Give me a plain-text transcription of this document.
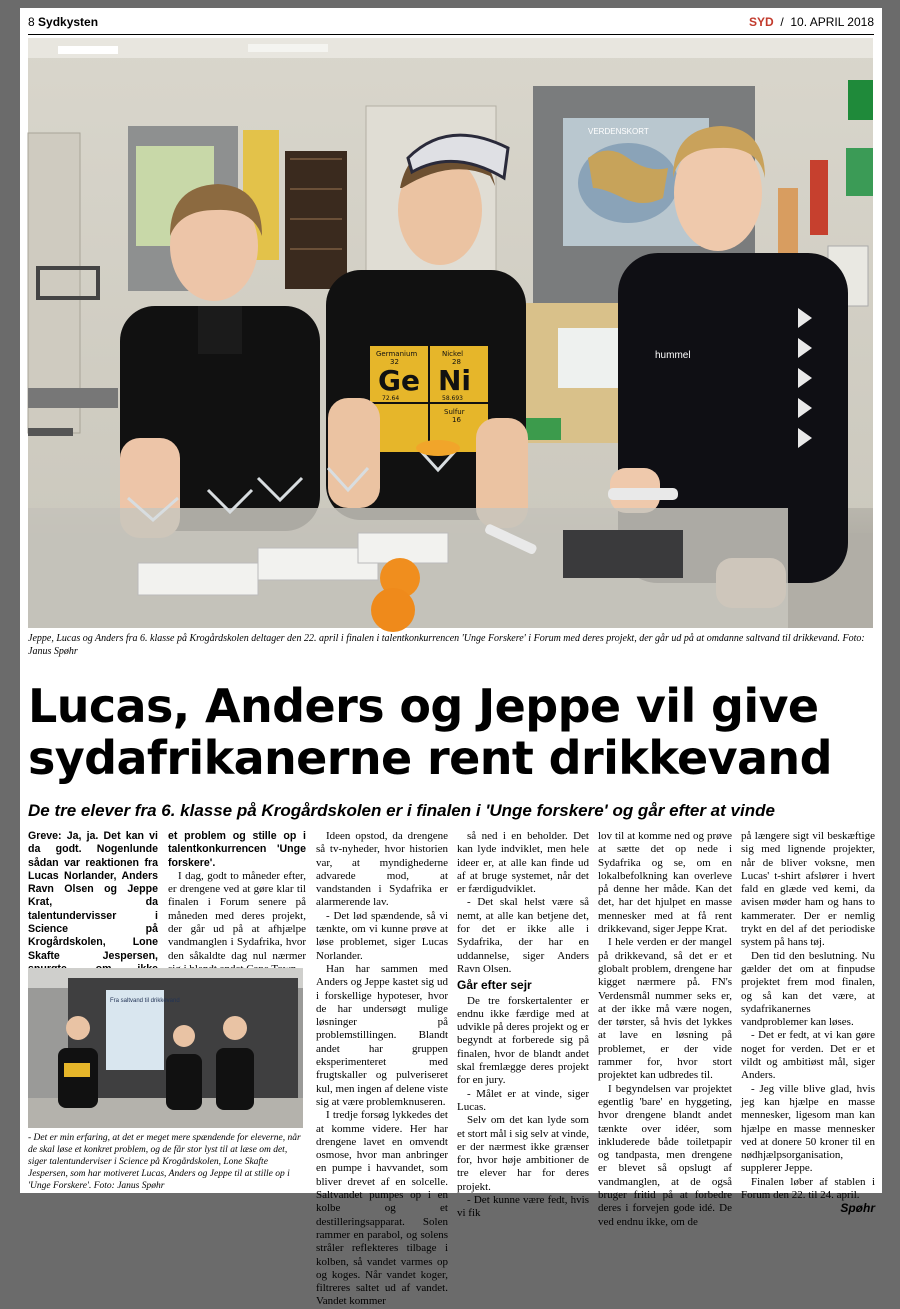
8 Sydkysten	SYD / 10. APRIL 2018
VERDENSKORT
Germanium	Nickel
Ge Ni
32	28
72.64	58.693
Sulfur
16
hummel
Jeppe, Lucas og Anders fra 6. klasse på Krogårdskolen deltager den 22. april i finalen i talentkonkurrencen 'Unge Forskere' i Forum med deres projekt, der går ud på at omdanne saltvand til drikkevand. Foto: Janus Spøhr
Lucas, Anders og Jeppe vil give sydafrikanerne rent drikkevand
De tre elever fra 6. klasse på Krogårdskolen er i finalen i 'Unge forskere' og går efter at vinde

Greve: Ja, ja. Det kan vi da godt. Nogenlunde sådan var reaktionen fra Lucas Norlander, Anders Ravn Olsen og Jeppe Krat, da talentundervisser i Science på Krogårdskolen, Lone Skafte Jespersen,

et problem og stille op i talentkonkurrencen 'Unge forskere'.

I dag, godt to måneder efter, er drengene ved at gøre klar til finalen i Forum senere på måneden med deres projekt, der går ud på at afhjælpe vandmanglen i Sydafrika, hvor den såkaldte dag nul nærmer

Fra saltvand til drikkevand
- Det er min erfaring, at det er meget mere spændende for eleverne, når de skal løse et konkret problem, og de får stor lyst til at læse om det, siger talentunderviser i Science på Krogårdskolen, Lone Skafte Jespersen, som har motiveret Lucas, Anders og Jeppe til at stille op i 'Unge Forskere'. Foto: Janus Spøhr

Ideen opstod, da drengene så tv-nyheder, hvor historien var, at myndighederne advarede mod, at vandstanden i Sydafrika er alarmerende lav.

- Det lød spændende, så vi tænkte, om vi kunne prøve at løse problemet, siger Lucas Norlander.

Han har sammen med Anders og Jeppe kastet sig ud i forskellige hypoteser, hvor de har undersøgt mulige løsninger på problemstillingen. Blandt andet har gruppen eksperimenteret med frugtskaller og pulveriseret kul, men ingen af delene viste sig at være problemknuseren.

I tredje forsøg lykkedes det at komme videre. Her har drengene lavet en omvendt osmose, hvor man anbringer en pumpe i havvandet, som bliver drevet af en solcelle. Saltvandet pumpes op i en kolbe og et destilleringsapparat. Solen rammer en parabol, og solens stråler reflekteres tilbage i kolben, så vandet varmes op og koges. Når vandet koger, filtreres saltet ud af vandet. Vandet kommer

så ned i en beholder. Det kan lyde indviklet, men hele ideer er, at alle kan finde ud af at bruge systemet, når det er færdigudviklet.

- Det skal helst være så nemt, at alle kan betjene det, for det er ikke alle i Sydafrika, der har en uddannelse, siger Anders Ravn Olsen.

Går efter sejr

De tre forskertalenter er endnu ikke færdige med at udvikle på deres projekt og er begyndt at forberede sig på finalen, hvor de blandt andet skal fremlægge deres projekt for en jury.

- Målet er at vinde, siger Lucas.

Selv om det kan lyde som et stort mål i sig selv at vinde, er der nærmest ikke grænser for, hvor høje ambitioner de tre elever har for deres projekt.

- Det kunne være fedt, hvis vi fik

lov til at komme ned og prøve at sætte det op nede i Sydafrika og se, om en lokalbefolkning kan overleve på denne her måde. Kan det det, har det hjulpet en masse mennesker med at få rent drikkevand, siger Jeppe Krat.

I hele verden er der mangel på drikkevand, så det er et globalt problem, drengene har kigget nærmere på. FN's Verdensmål nummer seks er, at der ikke må være nogen, der tørster, så hvis det lykkes at lave en løsning på problemet, er der vide rammer for, hvor stort projektet kan udbredes til.

I begyndelsen var projektet egentlig 'bare' en hyggeting, hvor drengene blandt andet tænkte over idéer, som inkluderede både toiletpapir og tandpasta, men drengene er blevet så opslugt af vandmanglen, at de også bruger fritid på at forbedre deres i forvejen gode idé. De ved endnu ikke, om de

på længere sigt vil beskæftige sig med lignende projekter, når de bliver voksne, men Lucas' t-shirt afslører i hvert fald en glæde ved kemi, da avisen møder ham og hans to kammerater. Der er nemlig trykt en del af det periodiske system på hans tøj.

Den tid den beslutning. Nu gælder det om at finpudse projektet frem mod finalen, og så kan det være, at sydafrikanernes vandproblemer kan løses.

- Det er fedt, at vi kan gøre noget for verden. Det er et vildt og ambitiøst mål, siger Anders.

- Jeg ville blive glad, hvis jeg kan hjælpe en masse mennesker, ligesom man kan hjælpe en masse mennesker ved at donere 50 kroner til en nødhjælpsorganisation, supplerer Jeppe.

Finalen løber af stablen i Forum den 22. til 24. april.

Spøhr
